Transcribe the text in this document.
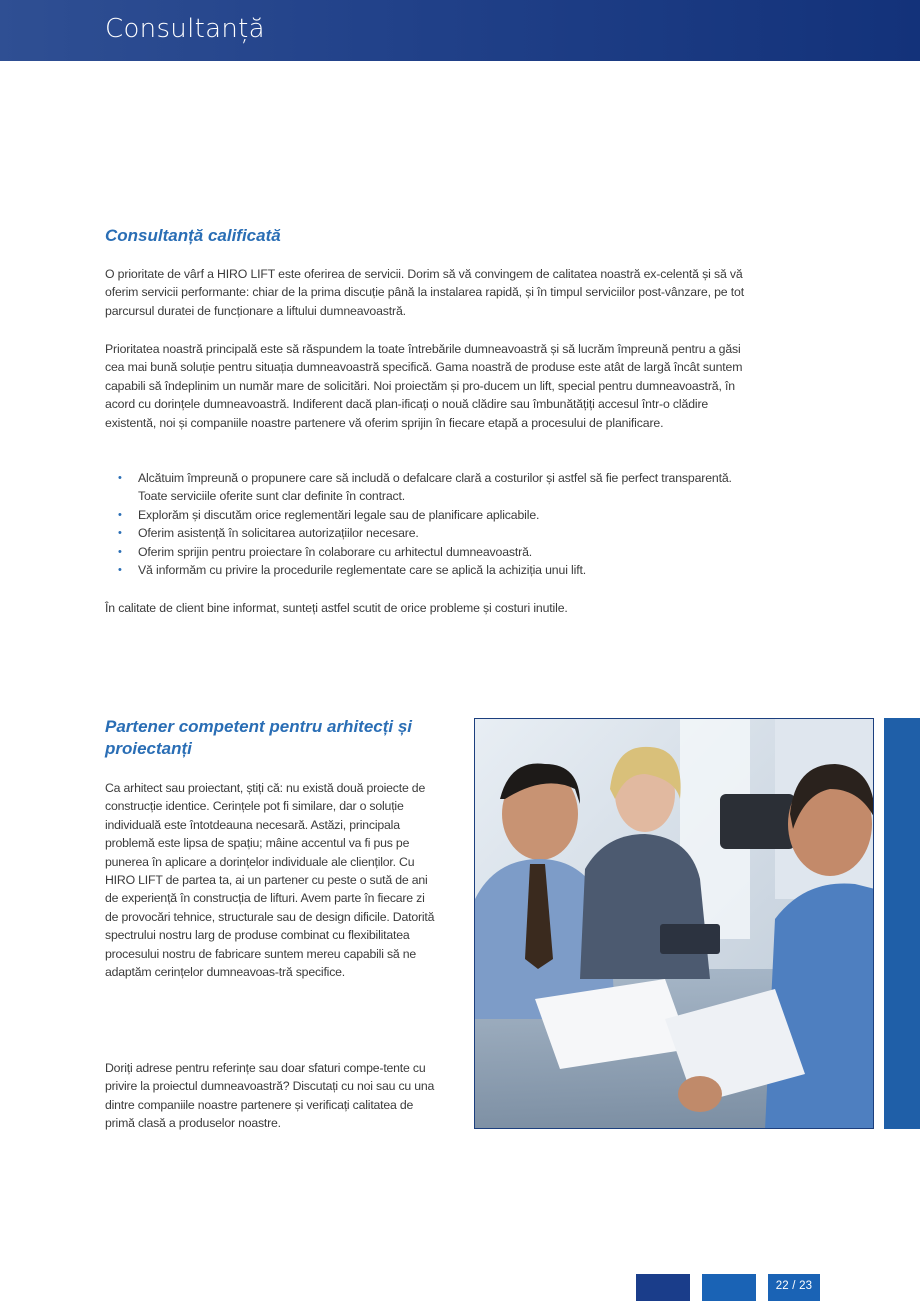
Consultanță
Consultanță calificată

O prioritate de vârf a HIRO LIFT este oferirea de servicii. Dorim să vă convingem de calitatea noastră ex-celentă și să vă oferim servicii performante: chiar de la prima discuție până la instalarea rapidă, și în timpul serviciilor post-vânzare, pe tot parcursul duratei de funcționare a liftului dumneavoastră.

Prioritatea noastră principală este să răspundem la toate întrebările dumneavoastră și să lucrăm împreună pentru a găsi cea mai bună soluție pentru situația dumneavoastră specifică. Gama noastră de produse este atât de largă încât suntem capabili să îndeplinim un număr mare de solicitări. Noi proiectăm și pro-ducem un lift, special pentru dumneavoastră, în acord cu dorințele dumneavoastră. Indiferent dacă plan-ificați o nouă clădire sau îmbunătățiți accesul într-o clădire existentă, noi și companiile noastre partenere vă oferim sprijin în fiecare etapă a procesului de planificare.

• Alcătuim împreună o propunere care să includă o defalcare clară a costurilor și astfel să fie perfect transparentă. Toate serviciile oferite sunt clar definite în contract.
• Explorăm și discutăm orice reglementări legale sau de planificare aplicabile.
• Oferim asistență în solicitarea autorizațiilor necesare.
• Oferim sprijin pentru proiectare în colaborare cu arhitectul dumneavoastră.
• Vă informăm cu privire la procedurile reglementate care se aplică la achiziția unui lift.

În calitate de client bine informat, sunteți astfel scutit de orice probleme și costuri inutile.

Partener competent pentru arhitecți și proiectanți

Ca arhitect sau proiectant, știți că: nu există două proiecte de construcție identice. Cerințele pot fi similare, dar o soluție individuală este întotdeauna necesară. Astăzi, principala problemă este lipsa de spațiu; mâine accentul va fi pus pe punerea în aplicare a dorințelor individuale ale clienților. Cu HIRO LIFT de partea ta, ai un partener cu peste o sută de ani de experiență în construcția de lifturi. Avem parte în fiecare zi de provocări tehnice, structurale sau de design dificile. Datorită spectrului nostru larg de produse combinat cu flexibilitatea procesului nostru de fabricare suntem mereu capabili să ne adaptăm cerințelor dumneavoas-tră specifice.

Doriți adrese pentru referințe sau doar sfaturi compe-tente cu privire la proiectul dumneavoastră? Discutați cu noi sau cu una dintre companiile noastre partenere și verificați calitatea de primă clasă a produselor noastre.

22 / 23
